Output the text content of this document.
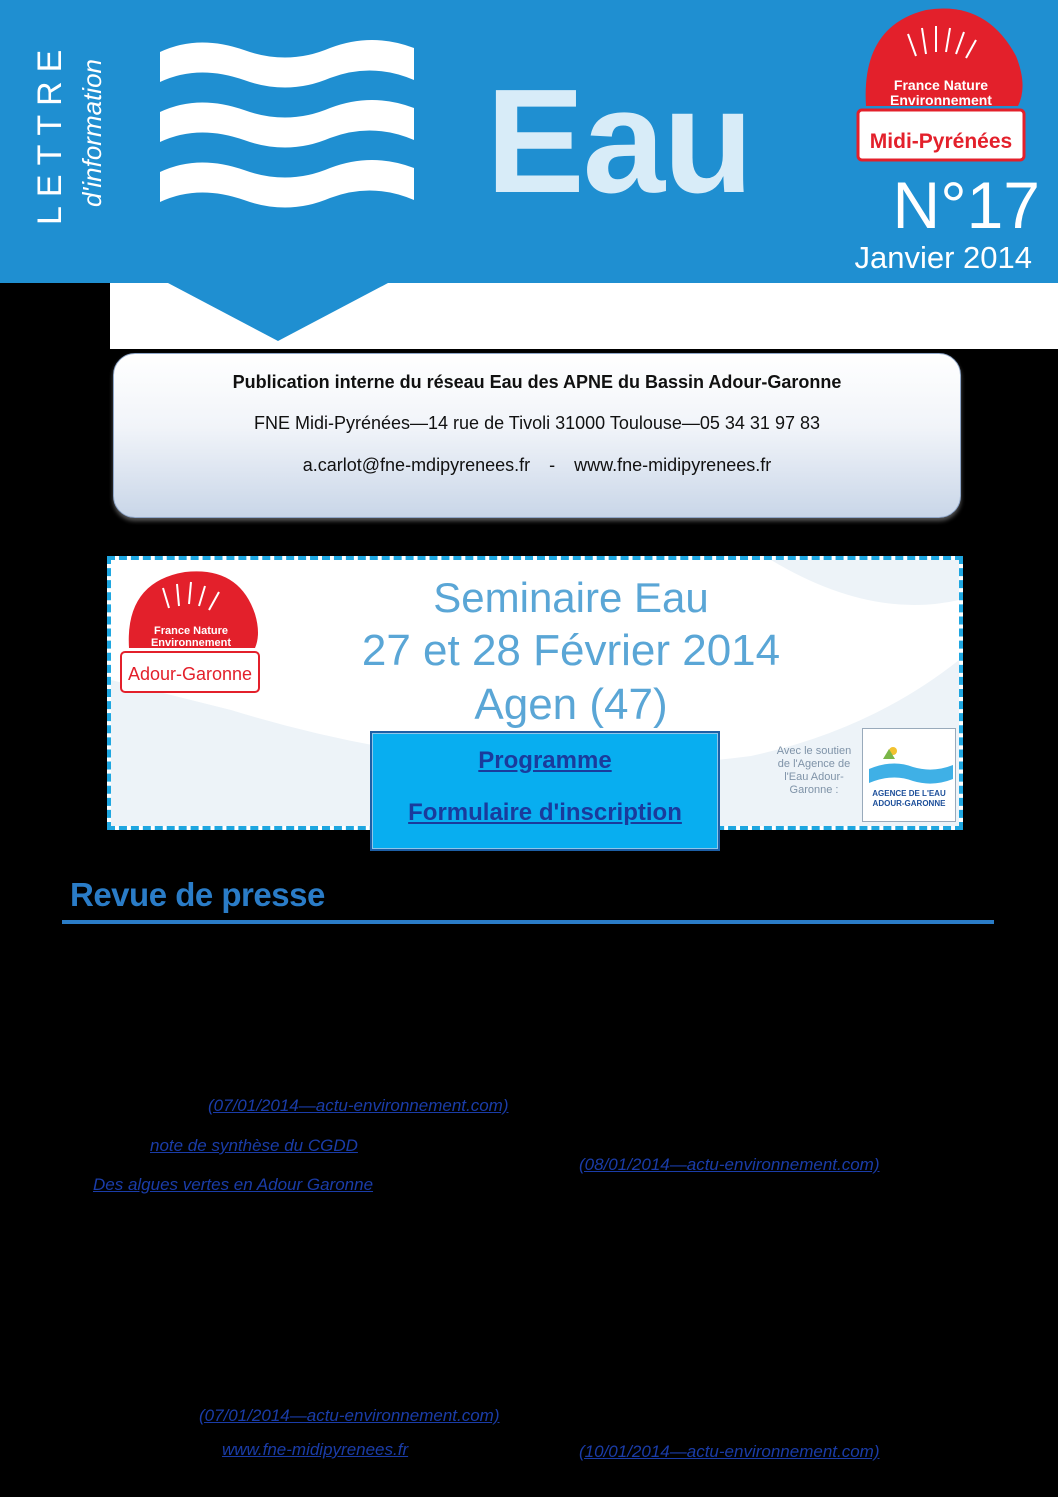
LETTRE d'information	Eau	France Nature
Environnement
Midi-Pyrénées
N°17
Janvier 2014
Publication interne du réseau Eau des APNE du Bassin Adour-Garonne
FNE Midi-Pyrénées—14 rue de Tivoli 31000 Toulouse—05 34 31 97 83
a.carlot@fne-mdipyrenees.fr - www.fne-midipyrenees.fr
France Nature
Environnement
Adour-Garonne
Seminaire Eau
27 et 28 Février 2014
Agen (47)
Programme
Formulaire d'inscription
Avec le soutien de l'Agence de l'Eau Adour-Garonne :	AGENCE DE L'EAU ADOUR-GARONNE
Revue de presse
(07/01/2014—actu-environnement.com)
note de synthèse du CGDD
(08/01/2014—actu-environnement.com)
Des algues vertes en Adour Garonne
(07/01/2014—actu-environnement.com)
www.fne-midipyrenees.fr	(10/01/2014—actu-environnement.com)
